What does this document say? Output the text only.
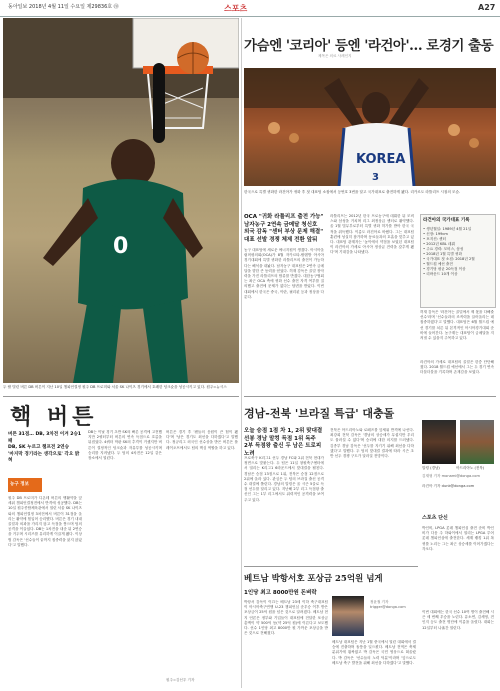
동아일보 2018년 4월 11일 수요일 제29836호 ㊞	스포츠	A27
0
두 팔 벌린 버튼 DB 버튼이 지난 10일 챔피언결정 원주 DB 프로미와 서울 SK 나이츠 경기에서 호쾌한 덩크슛을 성공시키고 있다. 원주=뉴시스
KOREA
3
가슴엔 '코리아' 등엔 '라건아'… 로경기 출동
제목은 의료 사례인지
한국으로 특별 귀화한 라건아가 귀화 후 첫 대표팀 소집에서 등번호 3번을 달고 국가대표로 출전하게 됐다. 리카르도 라틀리프 시절의 모습.
OCA "귀화 라틀리프 출전 가능"
남자농구 2연속 금메달 청신호
외국 감독 "센터 부상 문제 해결"
대표 선발 경쟁 체제 전환 앞둬
농구 대표팀에 새로운 에너지원이 생겼다. 아시아올림픽평의회(OCA)가 8월 자카르타-팔렘방 아시아경기대회에 특별 귀화한 라틀리프의 출전이 가능하다는 해석을 내놨다. 남자농구 대표팀은 2연속 금메달을 향한 큰 동력을 얻었다. 허재 감독은 골밑 장악력을 가진 라틀리프의 합류를 반겼다. 대한농구협회는 최근 OCA 측에 귀화 선수 출전 자격 여부를 질의했고 출전에 문제가 없다는 답변을 받았다. 이번 대회에서 한국은 중국, 이란, 필리핀 등과 정상을 다툰다.
라틀리프는 2012년 한국 프로농구에 데뷔한 뒤 모비스와 삼성을 거치며 리그 최정상급 센터로 활약했다. 올 1월 법무부로부터 특별 귀화 허가를 받아 한국 국적을 취득했다. 이름도 라건아로 바꿨다. 그는 대표팀 훈련에 성실히 참가하며 동료들과의 호흡을 맞추고 있다. 대표팀 관계자는 '높이에서 약점을 보였던 대표팀이 라건아의 가세로 아시아 정상급 전력을 갖추게 됐다'며 기대감을 나타냈다.
라건아의 국가대표 기록
• 생년월일: 1989년 4월 21일
• 신장: 199cm
• 포지션: 센터
• 2012년 KBL 데뷔
• 주요 경력: 모비스, 삼성
• 2018년 1월 특별 귀화
• 국가대표 첫 소집: 2018년 2월
• 월드컵 예선 출전
• 경기당 평균 20득점 이상
• 리바운드 10개 이상
허재 감독은 '라건아는 골밑에서 제 몫을 다해줄 선수'라며 '선수들과의 조직력을 끌어올리는 데 집중하겠다'고 말했다. 대표팀은 6월 월드컵 예선 경기를 치른 뒤 본격적인 아시아경기대회 준비에 들어간다. 농구계는 대표팀이 금메달을 지켜낼 수 있을지 주목하고 있다.
라건아의 가세로 대표팀의 골밑은 한층 단단해졌다. 2018 월드컵 예선에서 그는 두 경기 연속 더블더블을 기록하며 존재감을 보였다.
경남-전북 '브라질 특급' 대충돌
오늘 승점 1점 차 1, 2위 맞대결
선봉 경남 말컹 득점 1위 독주
2부 득점왕 출신 두 남은 트로피 노려
프로축구 K리그1 선두 경남 FC와 2위 전북 현대가 정면으로 맞붙는다. 두 팀은 11일 창원축구센터에서 열리는 K리그1 6라운드에서 맞대결을 펼친다. 경남은 승점 13점으로 1위, 전북은 승점 12점으로 2위에 올라 있다. 관심은 두 팀의 브라질 출신 공격수 대결에 쏠린다. 경남의 말컹은 올 시즌 5골로 득점 선두를 달리고 있다. 지난해 2부 리그 득점왕 출신인 그는 1부 리그에서도 위력적인 공격력을 보여주고 있다.
전북은 아드리아노와 로페즈를 앞세워 반격에 나선다. 최강희 전북 감독은 '경남의 상승세가 무섭지만 우리도 물러설 수 없다'며 승리에 대한 의지를 드러냈다. 김종부 경남 감독은 '선두를 지키기 위해 최선을 다하겠다'고 말했다. 두 팀의 맞대결 결과에 따라 시즌 초반 선두 경쟁 구도가 달라질 전망이다.
말컹 (경남)	아드리아노 (전북)
김재형 기자 monami@donga.com
라건아 기자 dunk@donga.com
베트남 박항서호 포상금 25억원 넘게
1인당 최고 8000만원 돈벼락
박항서 감독이 이끄는 베트남 23세 이하 축구대표팀이 아시아축구연맹 U-23 챔피언십 준우승 이후 받은 포상금이 25억 원을 넘은 것으로 알려졌다. 베트남 현지 언론은 정부와 기업들이 대표팀에 전달한 포상금 총액이 약 500억 동(약 25억 원)에 이른다고 보도했다. 선수 1인당 최고 8000만 원 가까운 포상금을 받은 것으로 전해졌다.
베트남 대표팀은 지난 1월 중국에서 열린 대회에서 결승에 진출하며 돌풍을 일으켰다. 베트남 전역은 축제 분위기에 휩싸였고 박 감독은 국민 영웅으로 떠올랐다. 박 감독은 '선수들의 노력 덕분'이라며 '앞으로도 베트남 축구 발전을 위해 최선을 다하겠다'고 말했다.
정윤철 기자 trigger@donga.com
스포츠 단신
박인비, LPGA 롯데 챔피언십 출전 준비 박인비가 다음 주 하와이에서 열리는 LPGA 투어 롯데 챔피언십에 출전한다. 세계 랭킹 1위 복귀를 노리는 그는 최근 상승세를 이어가겠다는 각오다.
이번 대회에는 한국 선수 10여 명이 출전해 시즌 세 번째 우승을 노린다. 유소연, 김세영, 전인지 등도 출전 명단에 이름을 올렸다. 대회는 12일부터 나흘간 열린다.
핵 버튼
버튼 31점… DB, 3차전 이겨 2승1패
DB, SK 누르고 챔프전 2연승
'마지막 경기라는 생각으로' 각오 밝혀
농구 정보
원주 DB 프로미가 디온테 버튼의 맹활약을 앞세워 챔피언결정전에서 반격에 성공했다. DB는 10일 원주종합체육관에서 열린 서울 SK 나이츠와의 챔피언결정 3차전에서 버튼이 31점을 올리는 활약에 힘입어 승리했다. 버튼은 경기 내내 골밑과 외곽을 가리지 않고 득점을 쌓으며 팀의 공격을 이끌었다. DB는 1차전을 내준 뒤 2연승을 거두며 시리즈를 유리하게 이끌게 됐다. 이상범 감독은 '선수들이 끝까지 집중력을 잃지 않았다'고 말했다.
DB는 이날 경기 초반 SK의 빠른 공격에 고전했지만 2쿼터부터 버튼의 연속 득점으로 흐름을 뒤집었다. 4쿼터 막판 SK의 추격이 거셌지만 버튼이 결정적인 덩크슛과 자유투를 성공시키며 승리를 지켜냈다. 두 팀의 4차전은 12일 같은 장소에서 열린다.
버튼은 경기 후 '팬들의 응원이 큰 힘이 됐다'며 '남은 경기도 최선을 다하겠다'고 말했다. 정규리그 외국인 선수상을 받은 버튼은 플레이오프에서도 팀의 핵심 역할을 하고 있다.
원주=김선우 기자
